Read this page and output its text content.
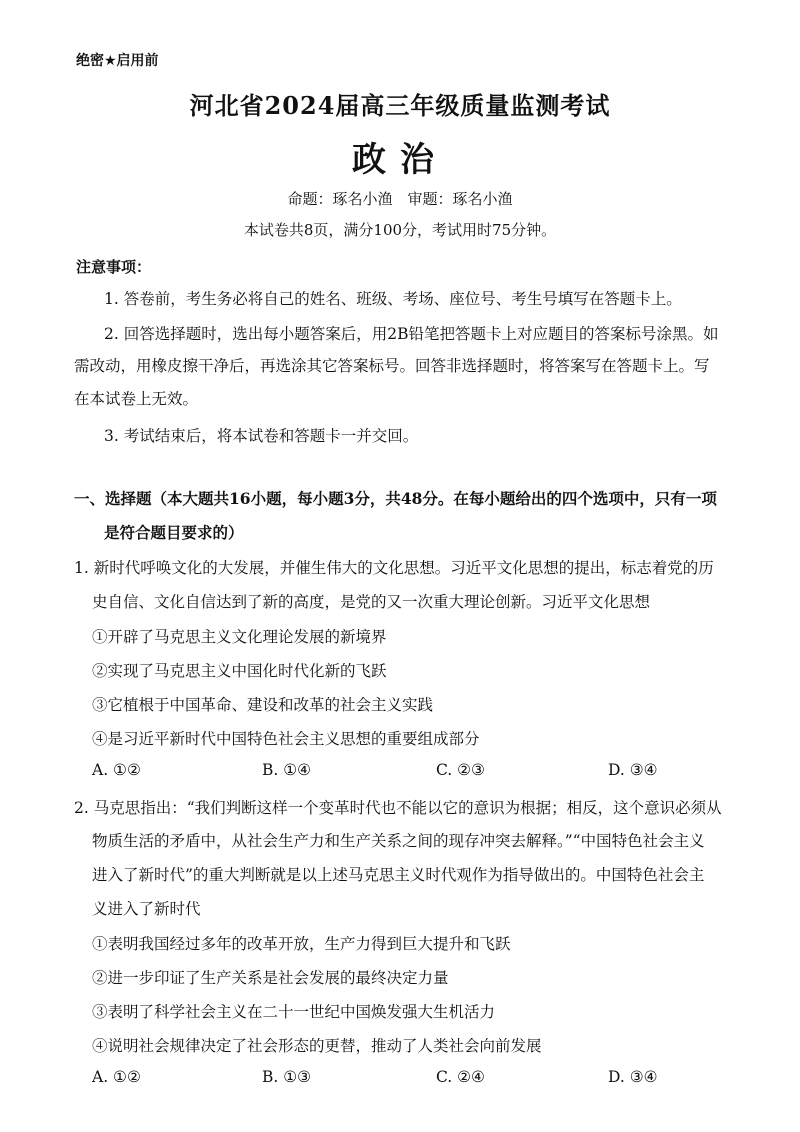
绝密★启用前
河北省2024届高三年级质量监测考试
政治
命题：琢名小渔　审题：琢名小渔
本试卷共8页，满分100分，考试用时75分钟。
注意事项：
1. 答卷前，考生务必将自己的姓名、班级、考场、座位号、考生号填写在答题卡上。
2. 回答选择题时，选出每小题答案后，用2B铅笔把答题卡上对应题目的答案标号涂黑。如
需改动，用橡皮擦干净后，再选涂其它答案标号。回答非选择题时，将答案写在答题卡上。写
在本试卷上无效。
3. 考试结束后，将本试卷和答题卡一并交回。
一、选择题（本大题共16小题，每小题3分，共48分。在每小题给出的四个选项中，只有一项
是符合题目要求的）
1. 新时代呼唤文化的大发展，并催生伟大的文化思想。习近平文化思想的提出，标志着党的历
史自信、文化自信达到了新的高度，是党的又一次重大理论创新。习近平文化思想
①开辟了马克思主义文化理论发展的新境界
②实现了马克思主义中国化时代化新的飞跃
③它植根于中国革命、建设和改革的社会主义实践
④是习近平新时代中国特色社会主义思想的重要组成部分
A. ①②	B. ①④	C. ②③	D. ③④
2. 马克思指出：“我们判断这样一个变革时代也不能以它的意识为根据；相反，这个意识必须从
物质生活的矛盾中，从社会生产力和生产关系之间的现存冲突去解释。”“中国特色社会主义
进入了新时代”的重大判断就是以上述马克思主义时代观作为指导做出的。中国特色社会主
义进入了新时代
①表明我国经过多年的改革开放，生产力得到巨大提升和飞跃
②进一步印证了生产关系是社会发展的最终决定力量
③表明了科学社会主义在二十一世纪中国焕发强大生机活力
④说明社会规律决定了社会形态的更替，推动了人类社会向前发展
A. ①②	B. ①③	C. ②④	D. ③④
